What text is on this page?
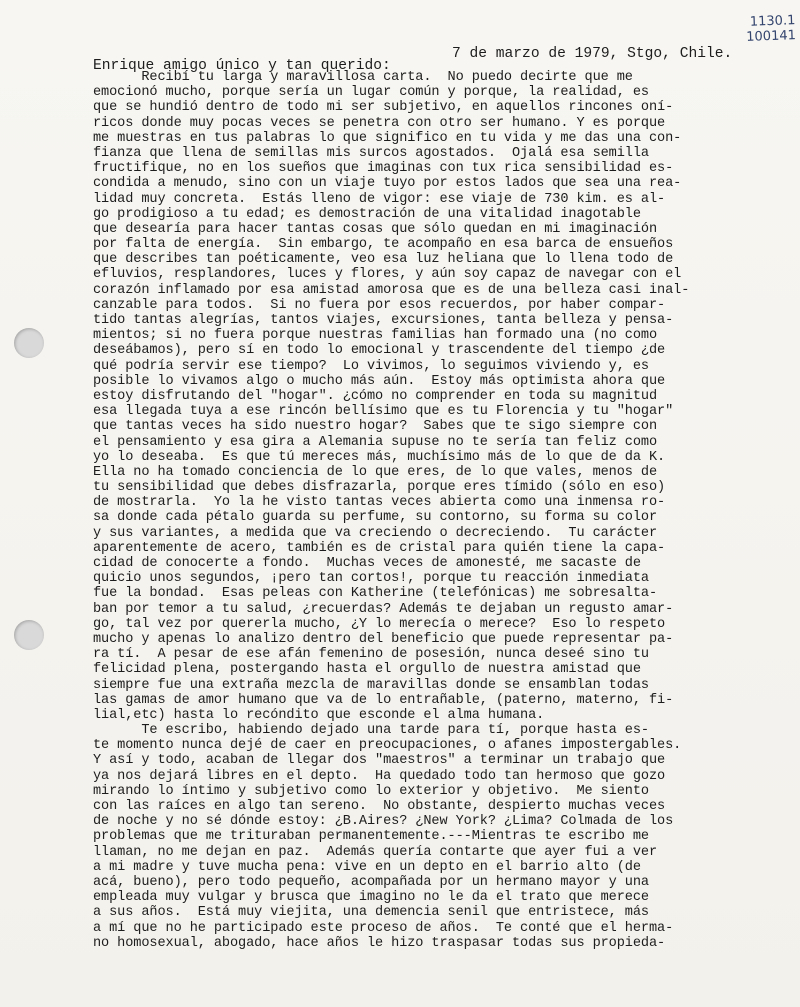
1130.1
100141
7 de marzo de 1979, Stgo, Chile.
Enrique amigo único y tan querido:
Recibí tu larga y maravillosa carta.  No puedo decirte que me
emocionó mucho, porque sería un lugar común y porque, la realidad, es
que se hundió dentro de todo mi ser subjetivo, en aquellos rincones oní-
ricos donde muy pocas veces se penetra con otro ser humano. Y es porque
me muestras en tus palabras lo que significo en tu vida y me das una con-
fianza que llena de semillas mis surcos agostados.  Ojalá esa semilla
fructifique, no en los sueños que imaginas con tux rica sensibilidad es-
condida a menudo, sino con un viaje tuyo por estos lados que sea una rea-
lidad muy concreta.  Estás lleno de vigor: ese viaje de 730 kim. es al-
go prodigioso a tu edad; es demostración de una vitalidad inagotable
que desearía para hacer tantas cosas que sólo quedan en mi imaginación
por falta de energía.  Sin embargo, te acompaño en esa barca de ensueños
que describes tan poéticamente, veo esa luz heliana que lo llena todo de
efluvios, resplandores, luces y flores, y aún soy capaz de navegar con el
corazón inflamado por esa amistad amorosa que es de una belleza casi inal-
canzable para todos.  Si no fuera por esos recuerdos, por haber compar-
tido tantas alegrías, tantos viajes, excursiones, tanta belleza y pensa-
mientos; si no fuera porque nuestras familias han formado una (no como
deseábamos), pero sí en todo lo emocional y trascendente del tiempo ¿de
qué podría servir ese tiempo?  Lo vivimos, lo seguimos viviendo y, es
posible lo vivamos algo o mucho más aún.  Estoy más optimista ahora que
estoy disfrutando del "hogar". ¿cómo no comprender en toda su magnitud
esa llegada tuya a ese rincón bellísimo que es tu Florencia y tu "hogar"
que tantas veces ha sido nuestro hogar?  Sabes que te sigo siempre con
el pensamiento y esa gira a Alemania supuse no te sería tan feliz como
yo lo deseaba.  Es que tú mereces más, muchísimo más de lo que de da K.
Ella no ha tomado conciencia de lo que eres, de lo que vales, menos de
tu sensibilidad que debes disfrazarla, porque eres tímido (sólo en eso)
de mostrarla.  Yo la he visto tantas veces abierta como una inmensa ro-
sa donde cada pétalo guarda su perfume, su contorno, su forma su color
y sus variantes, a medida que va creciendo o decreciendo.  Tu carácter
aparentemente de acero, también es de cristal para quién tiene la capa-
cidad de conocerte a fondo.  Muchas veces de amonesté, me sacaste de
quicio unos segundos, ¡pero tan cortos!, porque tu reacción inmediata
fue la bondad.  Esas peleas con Katherine (telefónicas) me sobresalta-
ban por temor a tu salud, ¿recuerdas? Además te dejaban un regusto amar-
go, tal vez por quererla mucho, ¿Y lo merecía o merece?  Eso lo respeto
mucho y apenas lo analizo dentro del beneficio que puede representar pa-
ra tí.  A pesar de ese afán femenino de posesión, nunca deseé sino tu
felicidad plena, postergando hasta el orgullo de nuestra amistad que
siempre fue una extraña mezcla de maravillas donde se ensamblan todas
las gamas de amor humano que va de lo entrañable, (paterno, materno, fi-
lial,etc) hasta lo recóndito que esconde el alma humana.
Te escribo, habiendo dejado una tarde para tí, porque hasta es-
te momento nunca dejé de caer en preocupaciones, o afanes impostergables.
Y así y todo, acaban de llegar dos "maestros" a terminar un trabajo que
ya nos dejará libres en el depto.  Ha quedado todo tan hermoso que gozo
mirando lo íntimo y subjetivo como lo exterior y objetivo.  Me siento
con las raíces en algo tan sereno.  No obstante, despierto muchas veces
de noche y no sé dónde estoy: ¿B.Aires? ¿New York? ¿Lima? Colmada de los
problemas que me trituraban permanentemente.---Mientras te escribo me
llaman, no me dejan en paz.  Además quería contarte que ayer fui a ver
a mi madre y tuve mucha pena: vive en un depto en el barrio alto (de
acá, bueno), pero todo pequeño, acompañada por un hermano mayor y una
empleada muy vulgar y brusca que imagino no le da el trato que merece
a sus años.  Está muy viejita, una demencia senil que entristece, más
a mí que no he participado este proceso de años.  Te conté que el herma-
no homosexual, abogado, hace años le hizo traspasar todas sus propieda-
